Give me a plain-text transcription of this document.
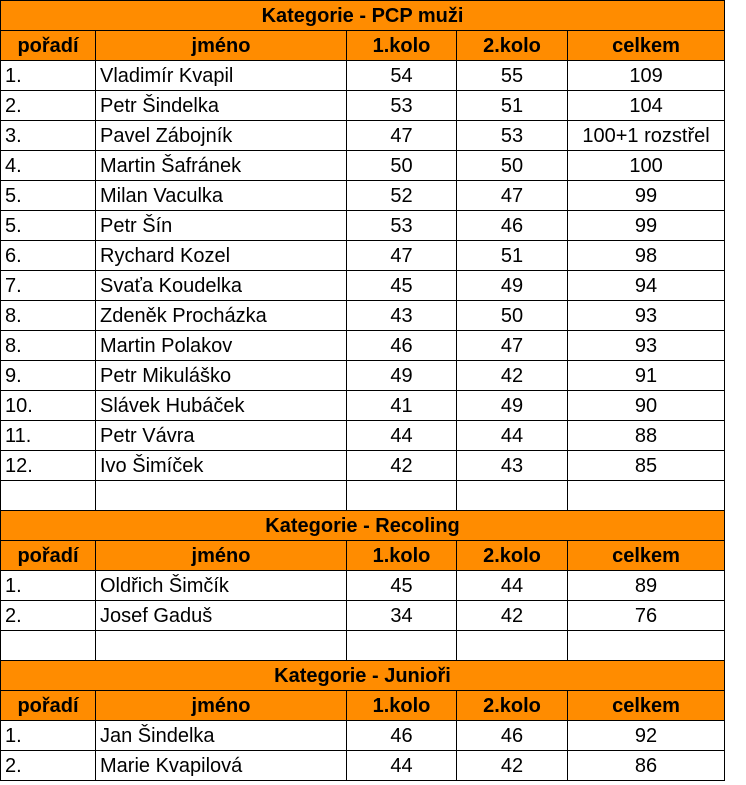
Kategorie - PCP muži				
pořadí	jméno	1.kolo	2.kolo	celkem
1.	Vladimír Kvapil	54	55	109
2.	Petr Šindelka	53	51	104
3.	Pavel Zábojník	47	53	100+1 rozstřel
4.	Martin Šafránek	50	50	100
5.	Milan Vaculka	52	47	99
5.	Petr Šín	53	46	99
6.	Rychard Kozel	47	51	98
7.	Svaťa Koudelka	45	49	94
8.	Zdeněk Procházka	43	50	93
8.	Martin Polakov	46	47	93
9.	Petr Mikuláško	49	42	91
10.	Slávek Hubáček	41	49	90
11.	Petr Vávra	44	44	88
12.	Ivo Šimíček	42	43	85

Kategorie - Recoling				
pořadí	jméno	1.kolo	2.kolo	celkem
1.	Oldřich Šimčík	45	44	89
2.	Josef Gaduš	34	42	76

Kategorie - Junioři				
pořadí	jméno	1.kolo	2.kolo	celkem
1.	Jan Šindelka	46	46	92
2.	Marie Kvapilová	44	42	86
